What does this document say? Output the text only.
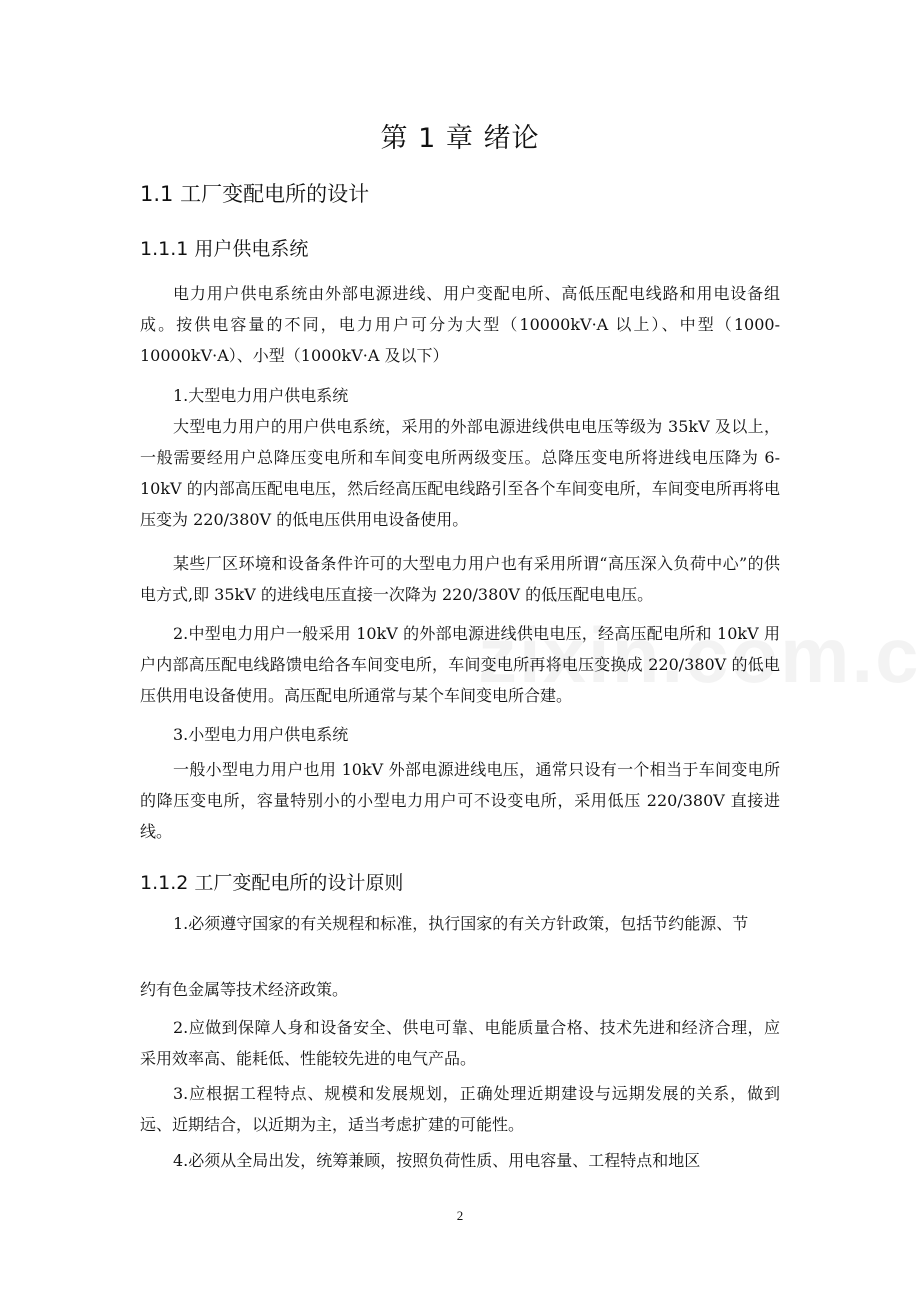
第 1 章 绪论
1.1 工厂变配电所的设计
1.1.1 用户供电系统
电力用户供电系统由外部电源进线、用户变配电所、高低压配电线路和用电设备组成。按供电容量的不同，电力用户可分为大型（10000kV·A 以上）、中型（1000-10000kV·A）、小型（1000kV·A 及以下）
1.大型电力用户供电系统
大型电力用户的用户供电系统，采用的外部电源进线供电电压等级为 35kV 及以上，一般需要经用户总降压变电所和车间变电所两级变压。总降压变电所将进线电压降为 6-10kV 的内部高压配电电压，然后经高压配电线路引至各个车间变电所，车间变电所再将电压变为 220/380V 的低电压供用电设备使用。
某些厂区环境和设备条件许可的大型电力用户也有采用所谓“高压深入负荷中心”的供电方式,即 35kV 的进线电压直接一次降为 220/380V 的低压配电电压。
2.中型电力用户一般采用 10kV 的外部电源进线供电电压，经高压配电所和 10kV 用户内部高压配电线路馈电给各车间变电所，车间变电所再将电压变换成 220/380V 的低电压供用电设备使用。高压配电所通常与某个车间变电所合建。
3.小型电力用户供电系统
一般小型电力用户也用 10kV 外部电源进线电压，通常只设有一个相当于车间变电所的降压变电所，容量特别小的小型电力用户可不设变电所，采用低压 220/380V 直接进线。
1.1.2 工厂变配电所的设计原则
1.必须遵守国家的有关规程和标准，执行国家的有关方针政策，包括节约能源、节
约有色金属等技术经济政策。
2.应做到保障人身和设备安全、供电可靠、电能质量合格、技术先进和经济合理，应采用效率高、能耗低、性能较先进的电气产品。
3.应根据工程特点、规模和发展规划，正确处理近期建设与远期发展的关系，做到远、近期结合，以近期为主，适当考虑扩建的可能性。
4.必须从全局出发，统筹兼顾，按照负荷性质、用电容量、工程特点和地区
2
